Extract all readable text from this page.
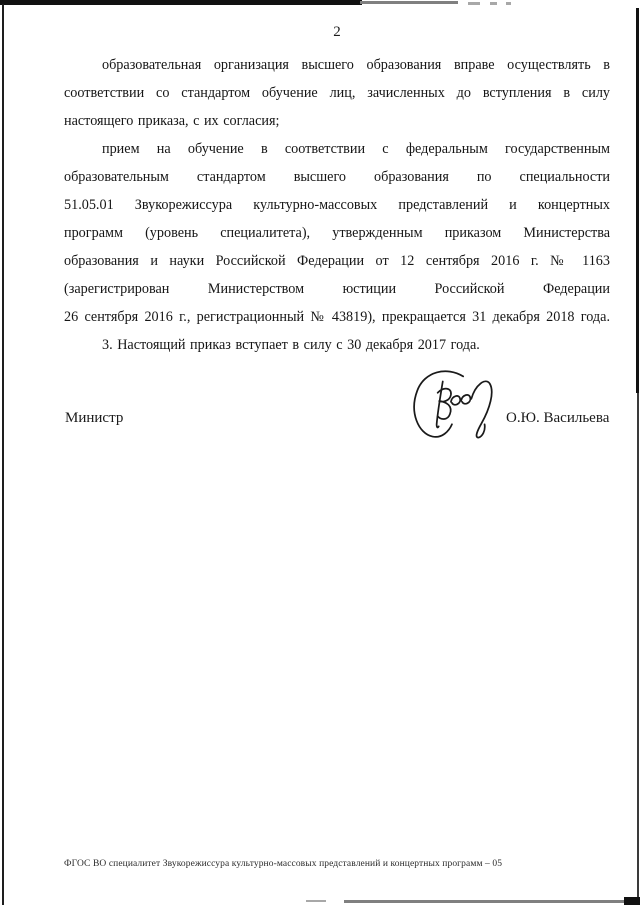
2
образовательная организация высшего образования вправе осуществлять в
соответствии со стандартом обучение лиц, зачисленных до вступления в силу
настоящего приказа, с их согласия;
прием на обучение в соответствии с федеральным государственным
образовательным стандартом высшего образования по специальности
51.05.01 Звукорежиссура культурно-массовых представлений и концертных
программ (уровень специалитета), утвержденным приказом Министерства
образования и науки Российской Федерации от 12 сентября 2016 г. № 1163
(зарегистрирован Министерством юстиции Российской Федерации
26 сентября 2016 г., регистрационный № 43819), прекращается 31 декабря 2018 года.
3. Настоящий приказ вступает в силу с 30 декабря 2017 года.
Министр	О.Ю. Васильева
ФГОС ВО специалитет Звукорежиссура культурно-массовых представлений и концертных программ – 05
